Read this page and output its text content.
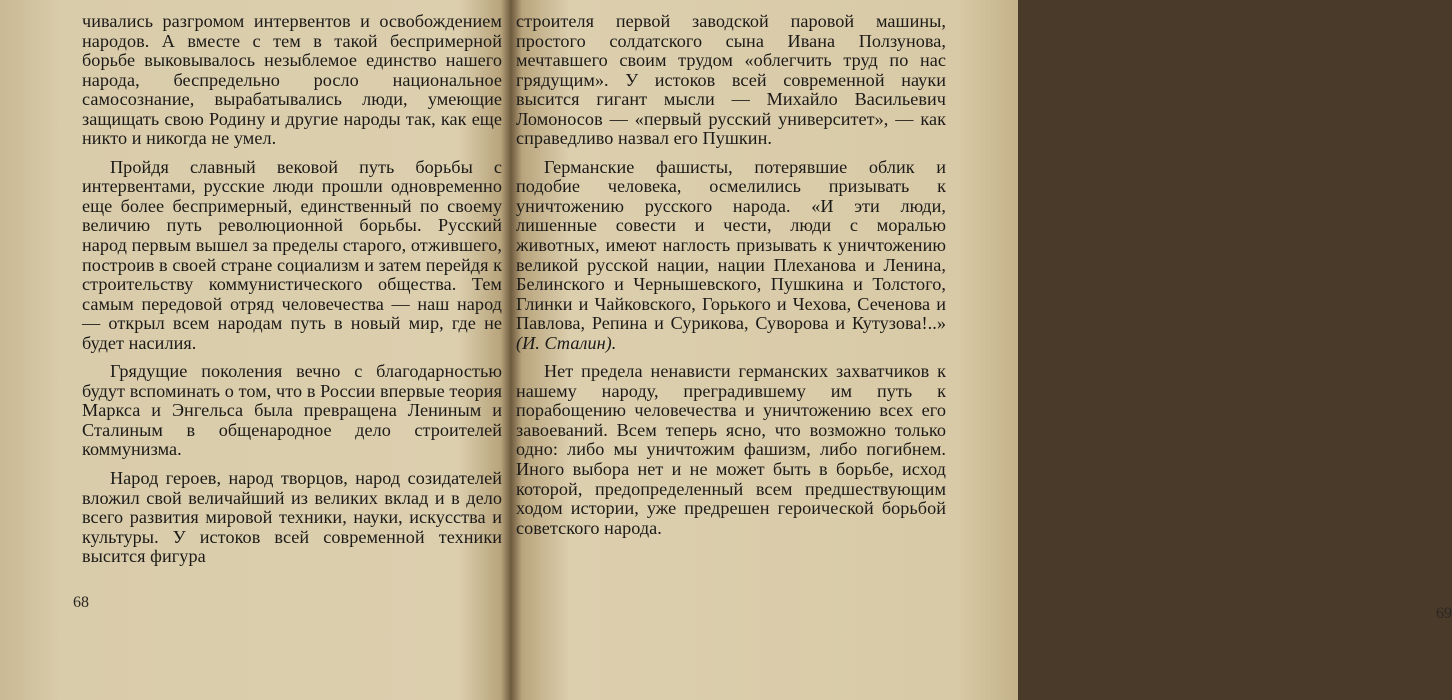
чивались разгромом интервентов и освобождением народов. А вместе с тем в такой беспримерной борьбе выковывалось незыблемое единство нашего народа, беспредельно росло национальное самосознание, вырабатывались люди, умеющие защищать свою Родину и другие народы так, как еще никто и никогда не умел.

Пройдя славный вековой путь борьбы с интервентами, русские люди прошли одновременно еще более беспримерный, единственный по своему величию путь революционной борьбы. Русский народ первым вышел за пределы старого, отжившего, построив в своей стране социализм и затем перейдя к строительству коммунистического общества. Тем самым передовой отряд человечества — наш народ — открыл всем народам путь в новый мир, где не будет насилия.

Грядущие поколения вечно с благодарностью будут вспоминать о том, что в России впервые теория Маркса и Энгельса была превращена Лениным и Сталиным в общенародное дело строителей коммунизма.

Народ героев, народ творцов, народ созидателей вложил свой величайший из великих вклад и в дело всего развития мировой техники, науки, искусства и культуры. У истоков всей современной техники высится фигура

68
69

строителя первой заводской паровой машины, простого солдатского сына Ивана Ползунова, мечтавшего своим трудом «облегчить труд по нас грядущим». У истоков всей современной науки высится гигант мысли — Михайло Васильевич Ломоносов — «первый русский университет», — как справедливо назвал его Пушкин.

Германские фашисты, потерявшие облик и подобие человека, осмелились призывать к уничтожению русского народа. «И эти люди, лишенные совести и чести, люди с моралью животных, имеют наглость призывать к уничтожению великой русской нации, нации Плеханова и Ленина, Белинского и Чернышевского, Пушкина и Толстого, Глинки и Чайковского, Горького и Чехова, Сеченова и Павлова, Репина и Сурикова, Суворова и Кутузова!..» (И. Сталин).

Нет предела ненависти германских захватчиков к нашему народу, преградившему им путь к порабощению человечества и уничтожению всех его завоеваний. Всем теперь ясно, что возможно только одно: либо мы уничтожим фашизм, либо погибнем. Иного выбора нет и не может быть в борьбе, исход которой, предопределенный всем предшествующим ходом истории, уже предрешен героической борьбой советского народа.
